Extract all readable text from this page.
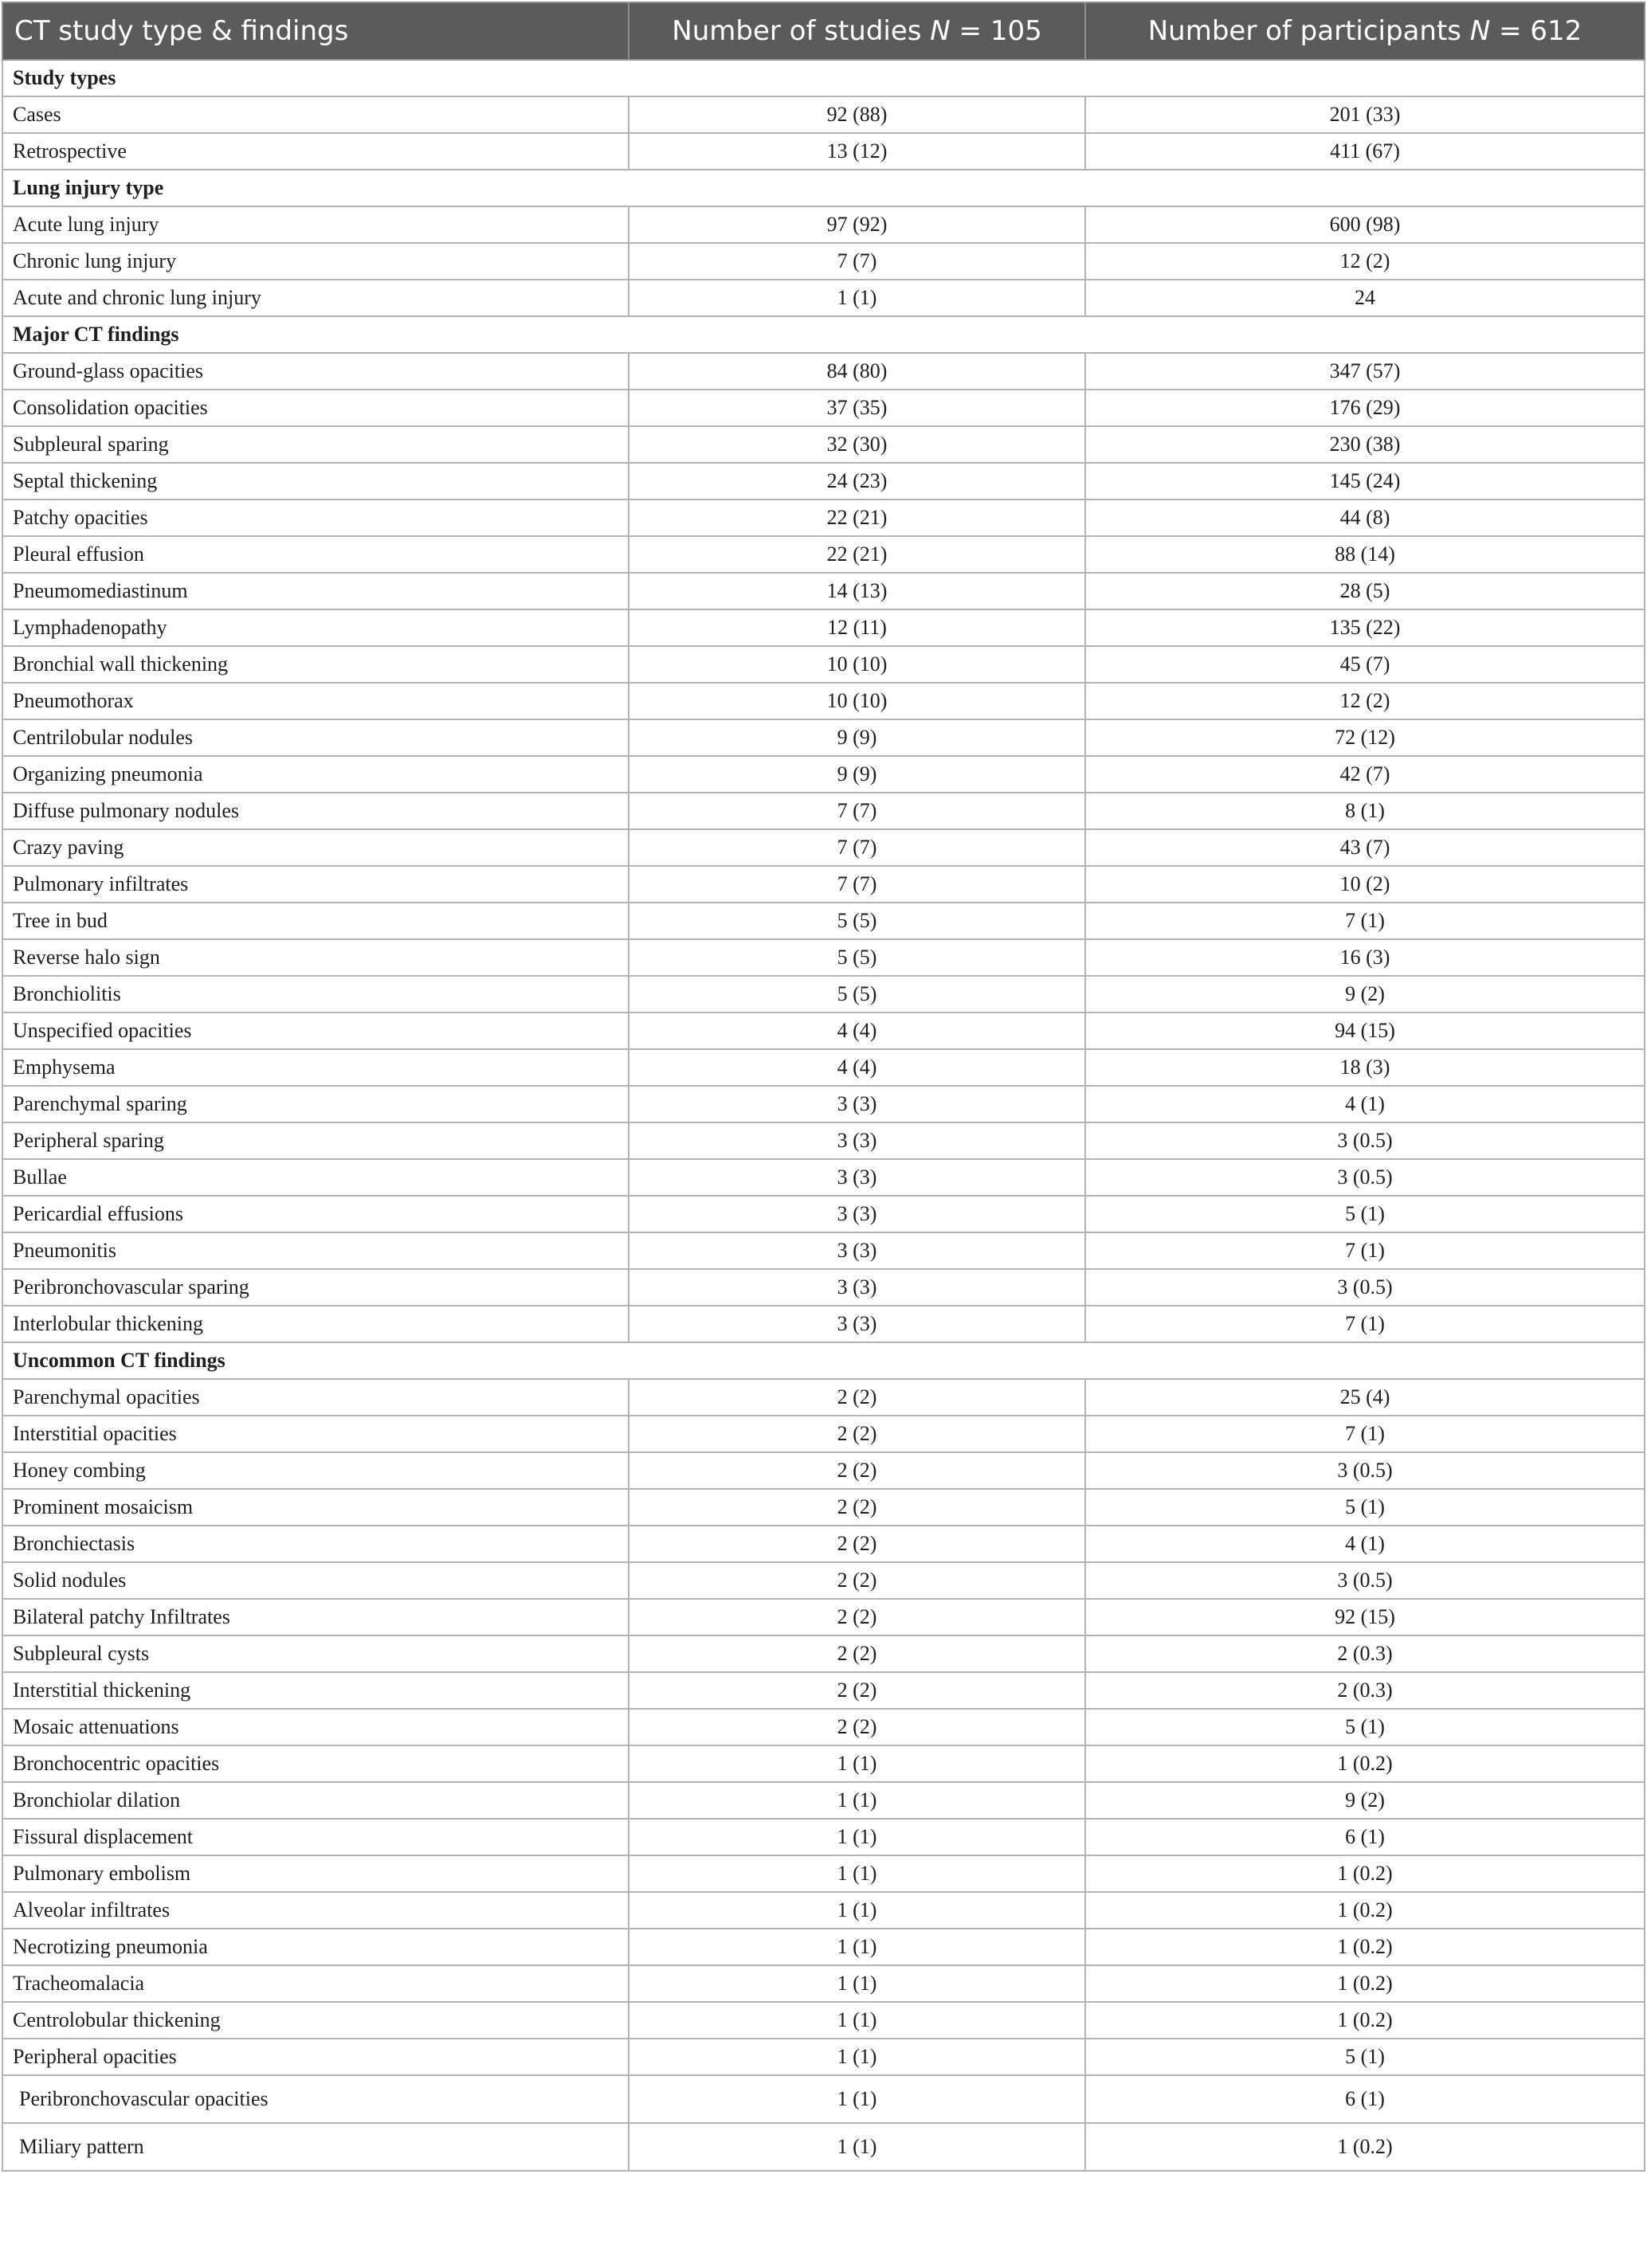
CT study type & findings	Number of studies N = 105	Number of participants N = 612
Study types		
Cases	92 (88)	201 (33)
Retrospective	13 (12)	411 (67)
Lung injury type		
Acute lung injury	97 (92)	600 (98)
Chronic lung injury	7 (7)	12 (2)
Acute and chronic lung injury	1 (1)	24
Major CT findings		
Ground-glass opacities	84 (80)	347 (57)
Consolidation opacities	37 (35)	176 (29)
Subpleural sparing	32 (30)	230 (38)
Septal thickening	24 (23)	145 (24)
Patchy opacities	22 (21)	44 (8)
Pleural effusion	22 (21)	88 (14)
Pneumomediastinum	14 (13)	28 (5)
Lymphadenopathy	12 (11)	135 (22)
Bronchial wall thickening	10 (10)	45 (7)
Pneumothorax	10 (10)	12 (2)
Centrilobular nodules	9 (9)	72 (12)
Organizing pneumonia	9 (9)	42 (7)
Diffuse pulmonary nodules	7 (7)	8 (1)
Crazy paving	7 (7)	43 (7)
Pulmonary infiltrates	7 (7)	10 (2)
Tree in bud	5 (5)	7 (1)
Reverse halo sign	5 (5)	16 (3)
Bronchiolitis	5 (5)	9 (2)
Unspecified opacities	4 (4)	94 (15)
Emphysema	4 (4)	18 (3)
Parenchymal sparing	3 (3)	4 (1)
Peripheral sparing	3 (3)	3 (0.5)
Bullae	3 (3)	3 (0.5)
Pericardial effusions	3 (3)	5 (1)
Pneumonitis	3 (3)	7 (1)
Peribronchovascular sparing	3 (3)	3 (0.5)
Interlobular thickening	3 (3)	7 (1)
Uncommon CT findings		
Parenchymal opacities	2 (2)	25 (4)
Interstitial opacities	2 (2)	7 (1)
Honey combing	2 (2)	3 (0.5)
Prominent mosaicism	2 (2)	5 (1)
Bronchiectasis	2 (2)	4 (1)
Solid nodules	2 (2)	3 (0.5)
Bilateral patchy Infiltrates	2 (2)	92 (15)
Subpleural cysts	2 (2)	2 (0.3)
Interstitial thickening	2 (2)	2 (0.3)
Mosaic attenuations	2 (2)	5 (1)
Bronchocentric opacities	1 (1)	1 (0.2)
Bronchiolar dilation	1 (1)	9 (2)
Fissural displacement	1 (1)	6 (1)
Pulmonary embolism	1 (1)	1 (0.2)
Alveolar infiltrates	1 (1)	1 (0.2)
Necrotizing pneumonia	1 (1)	1 (0.2)
Tracheomalacia	1 (1)	1 (0.2)
Centrolobular thickening	1 (1)	1 (0.2)
Peripheral opacities	1 (1)	5 (1)
Peribronchovascular opacities	1 (1)	6 (1)
Miliary pattern	1 (1)	1 (0.2)
